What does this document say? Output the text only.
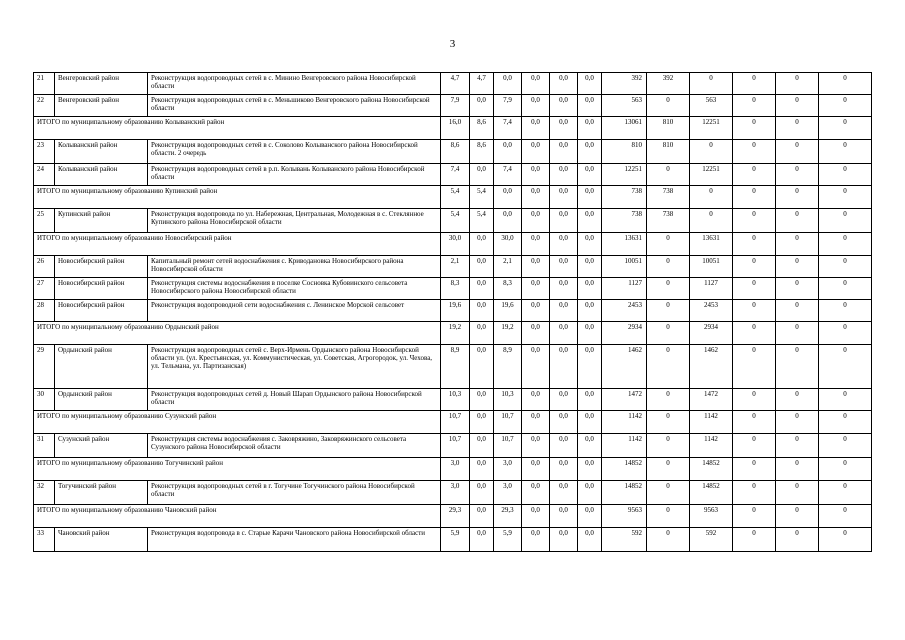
3
21	Венгеровский район	Реконструкция водопроводных сетей в с. Минино Венгеровского района Новосибирской области	4,7	4,7	0,0	0,0	0,0	0,0	392	392	0	0	0	0
22	Венгеровский район	Реконструкция водопроводных сетей в с. Меньшиково Венгеровского района Новосибирской области	7,9	0,0	7,9	0,0	0,0	0,0	563	0	563	0	0	0
ИТОГО по муниципальному образованию Колыванский район			16,0	8,6	7,4	0,0	0,0	0,0	13061	810	12251	0	0	0
23	Колыванский район	Реконструкция водопроводных сетей в с. Соколово Колыванского района Новосибирской области. 2 очередь	8,6	8,6	0,0	0,0	0,0	0,0	810	810	0	0	0	0
24	Колыванский район	Реконструкция водопроводных сетей в р.п. Колывань Колыванского района Новосибирской области	7,4	0,0	7,4	0,0	0,0	0,0	12251	0	12251	0	0	0
ИТОГО по муниципальному образованию Купинский район			5,4	5,4	0,0	0,0	0,0	0,0	738	738	0	0	0	0
25	Купинский район	Реконструкция водопровода по ул. Набережная, Центральная, Молодежная в с. Стеклянное Купинского района Новосибирской области	5,4	5,4	0,0	0,0	0,0	0,0	738	738	0	0	0	0
ИТОГО по муниципальному образованию Новосибирский район			30,0	0,0	30,0	0,0	0,0	0,0	13631	0	13631	0	0	0
26	Новосибирский район	Капитальный ремонт сетей водоснабжения с. Криводановка Новосибирского района Новосибирской области	2,1	0,0	2,1	0,0	0,0	0,0	10051	0	10051	0	0	0
27	Новосибирский район	Реконструкция системы водоснабжения в поселке Сосновка Кубовинского сельсовета Новосибирского района Новосибирской области	8,3	0,0	8,3	0,0	0,0	0,0	1127	0	1127	0	0	0
28	Новосибирский район	Реконструкция водопроводной сети водоснабжения с. Ленинское Морской сельсовет	19,6	0,0	19,6	0,0	0,0	0,0	2453	0	2453	0	0	0
ИТОГО по муниципальному образованию Ордынский район			19,2	0,0	19,2	0,0	0,0	0,0	2934	0	2934	0	0	0
29	Ордынский район	Реконструкция водопроводных сетей с. Верх-Ирмень Ордынского района Новосибирской области ул. (ул. Крестьянская, ул. Коммунистическая, ул. Советская, Агрогородок, ул. Чехова, ул. Тельмана, ул. Партизанская)	8,9	0,0	8,9	0,0	0,0	0,0	1462	0	1462	0	0	0
30	Ордынский район	Реконструкция водопроводных сетей д. Новый Шарап Ордынского района Новосибирской области	10,3	0,0	10,3	0,0	0,0	0,0	1472	0	1472	0	0	0
ИТОГО по муниципальному образованию Сузунский район			10,7	0,0	10,7	0,0	0,0	0,0	1142	0	1142	0	0	0
31	Сузунский район	Реконструкция системы водоснабжения с. Заковряжино, Заковряжинского сельсовета Сузунского района Новосибирской области	10,7	0,0	10,7	0,0	0,0	0,0	1142	0	1142	0	0	0
ИТОГО по муниципальному образованию Тогучинский район			3,0	0,0	3,0	0,0	0,0	0,0	14852	0	14852	0	0	0
32	Тогучинский район	Реконструкция водопроводных сетей в г. Тогучине Тогучинского района Новосибирской области	3,0	0,0	3,0	0,0	0,0	0,0	14852	0	14852	0	0	0
ИТОГО по муниципальному образованию Чановский район			29,3	0,0	29,3	0,0	0,0	0,0	9563	0	9563	0	0	0
33	Чановский район	Реконструкция водопровода в с. Старые Карачи Чановского района Новосибирской области	5,9	0,0	5,9	0,0	0,0	0,0	592	0	592	0	0	0
